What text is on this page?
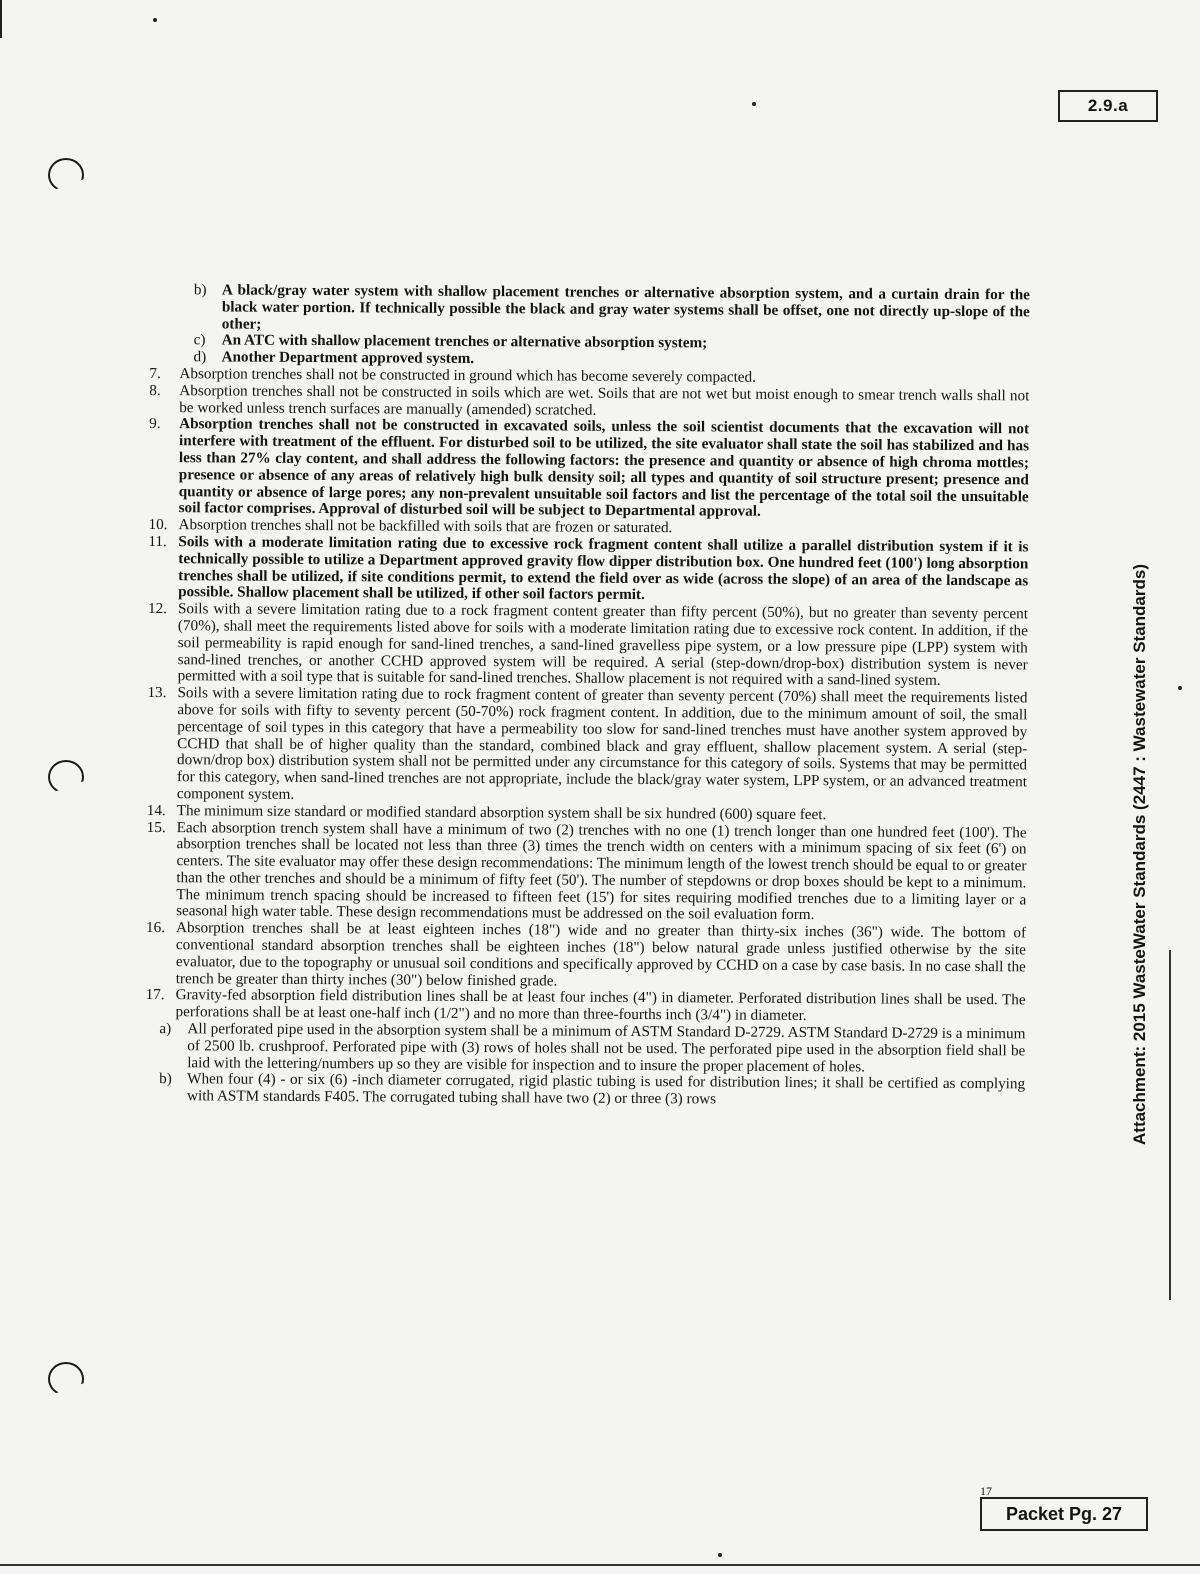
2.9.a
Attachment: 2015 WasteWater Standards (2447 : Wastewater Standards)
b)	A black/gray water system with shallow placement trenches or alternative absorption system, and a curtain drain for the black water portion. If technically possible the black and gray water systems shall be offset, one not directly up-slope of the other;
c)	An ATC with shallow placement trenches or alternative absorption system;
d)	Another Department approved system.
7.	Absorption trenches shall not be constructed in ground which has become severely compacted.
8.	Absorption trenches shall not be constructed in soils which are wet. Soils that are not wet but moist enough to smear trench walls shall not be worked unless trench surfaces are manually (amended) scratched.
9.	Absorption trenches shall not be constructed in excavated soils, unless the soil scientist documents that the excavation will not interfere with treatment of the effluent. For disturbed soil to be utilized, the site evaluator shall state the soil has stabilized and has less than 27% clay content, and shall address the following factors: the presence and quantity or absence of high chroma mottles; presence or absence of any areas of relatively high bulk density soil; all types and quantity of soil structure present; presence and quantity or absence of large pores; any non-prevalent unsuitable soil factors and list the percentage of the total soil the unsuitable soil factor comprises. Approval of disturbed soil will be subject to Departmental approval.
10. Absorption trenches shall not be backfilled with soils that are frozen or saturated.
11. Soils with a moderate limitation rating due to excessive rock fragment content shall utilize a parallel distribution system if it is technically possible to utilize a Department approved gravity flow dipper distribution box. One hundred feet (100') long absorption trenches shall be utilized, if site conditions permit, to extend the field over as wide (across the slope) of an area of the landscape as possible. Shallow placement shall be utilized, if other soil factors permit.
12. Soils with a severe limitation rating due to a rock fragment content greater than fifty percent (50%), but no greater than seventy percent (70%), shall meet the requirements listed above for soils with a moderate limitation rating due to excessive rock content. In addition, if the soil permeability is rapid enough for sand-lined trenches, a sand-lined gravelless pipe system, or a low pressure pipe (LPP) system with sand-lined trenches, or another CCHD approved system will be required. A serial (step-down/drop-box) distribution system is never permitted with a soil type that is suitable for sand-lined trenches. Shallow placement is not required with a sand-lined system.
13. Soils with a severe limitation rating due to rock fragment content of greater than seventy percent (70%) shall meet the requirements listed above for soils with fifty to seventy percent (50-70%) rock fragment content. In addition, due to the minimum amount of soil, the small percentage of soil types in this category that have a permeability too slow for sand-lined trenches must have another system approved by CCHD that shall be of higher quality than the standard, combined black and gray effluent, shallow placement system. A serial (step-down/drop box) distribution system shall not be permitted under any circumstance for this category of soils. Systems that may be permitted for this category, when sand-lined trenches are not appropriate, include the black/gray water system, LPP system, or an advanced treatment component system.
14. The minimum size standard or modified standard absorption system shall be six hundred (600) square feet.
15. Each absorption trench system shall have a minimum of two (2) trenches with no one (1) trench longer than one hundred feet (100'). The absorption trenches shall be located not less than three (3) times the trench width on centers with a minimum spacing of six feet (6') on centers. The site evaluator may offer these design recommendations: The minimum length of the lowest trench should be equal to or greater than the other trenches and should be a minimum of fifty feet (50'). The number of stepdowns or drop boxes should be kept to a minimum. The minimum trench spacing should be increased to fifteen feet (15') for sites requiring modified trenches due to a limiting layer or a seasonal high water table. These design recommendations must be addressed on the soil evaluation form.
16. Absorption trenches shall be at least eighteen inches (18") wide and no greater than thirty-six inches (36") wide. The bottom of conventional standard absorption trenches shall be eighteen inches (18") below natural grade unless justified otherwise by the site evaluator, due to the topography or unusual soil conditions and specifically approved by CCHD on a case by case basis. In no case shall the trench be greater than thirty inches (30") below finished grade.
17. Gravity-fed absorption field distribution lines shall be at least four inches (4") in diameter. Perforated distribution lines shall be used. The perforations shall be at least one-half inch (1/2") and no more than three-fourths inch (3/4") in diameter.
a)	All perforated pipe used in the absorption system shall be a minimum of ASTM Standard D-2729. ASTM Standard D-2729 is a minimum of 2500 lb. crushproof. Perforated pipe with (3) rows of holes shall not be used. The perforated pipe used in the absorption field shall be laid with the lettering/numbers up so they are visible for inspection and to insure the proper placement of holes.
b)	When four (4) - or six (6) -inch diameter corrugated, rigid plastic tubing is used for distribution lines; it shall be certified as complying with ASTM standards F405. The corrugated tubing shall have two (2) or three (3) rows
17
Packet Pg. 27
